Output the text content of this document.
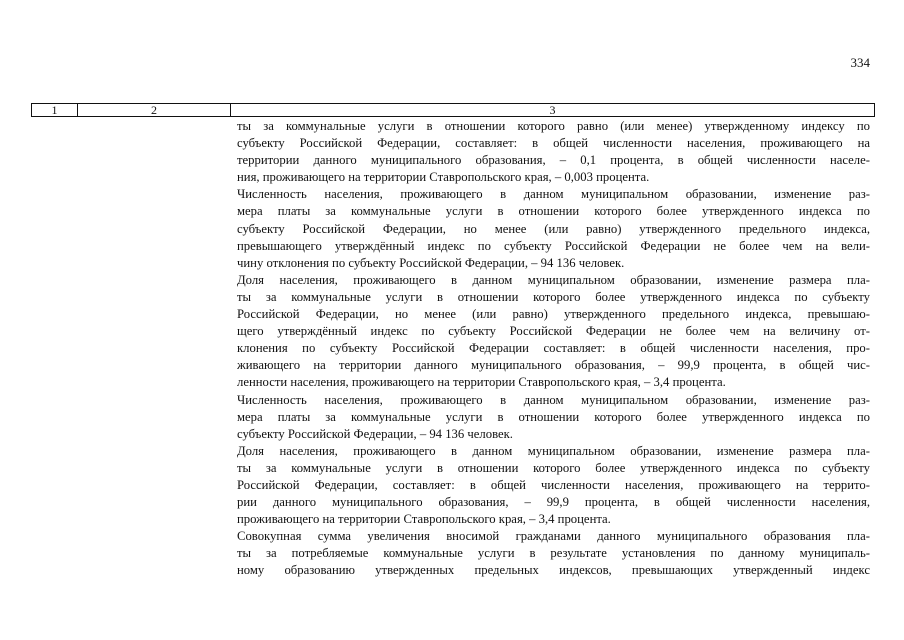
334
1	2	3

ты за коммунальные услуги в отношении которого равно (или менее) утвержденному индексу по
субъекту Российской Федерации, составляет: в общей численности населения, проживающего на
территории данного муниципального образования, – 0,1 процента, в общей численности населе-
ния, проживающего на территории Ставропольского края, – 0,003 процента.

Численность населения, проживающего в данном муниципальном образовании, изменение раз-
мера платы за коммунальные услуги в отношении которого более утвержденного индекса по
субъекту Российской Федерации, но менее (или равно) утвержденного предельного индекса,
превышающего утверждённый индекс по субъекту Российской Федерации не более чем на вели-
чину отклонения по субъекту Российской Федерации, – 94 136 человек.

Доля населения, проживающего в данном муниципальном образовании, изменение размера пла-
ты за коммунальные услуги в отношении которого более утвержденного индекса по субъекту
Российской Федерации, но менее (или равно) утвержденного предельного индекса, превышаю-
щего утверждённый индекс по субъекту Российской Федерации не более чем на величину от-
клонения по субъекту Российской Федерации составляет: в общей численности населения, про-
живающего на территории данного муниципального образования, – 99,9 процента, в общей чис-
ленности населения, проживающего на территории Ставропольского края, – 3,4 процента.

Численность населения, проживающего в данном муниципальном образовании, изменение раз-
мера платы за коммунальные услуги в отношении которого более утвержденного индекса по
субъекту Российской Федерации, – 94 136 человек.

Доля населения, проживающего в данном муниципальном образовании, изменение размера пла-
ты за коммунальные услуги в отношении которого более утвержденного индекса по субъекту
Российской Федерации, составляет: в общей численности населения, проживающего на террито-
рии данного муниципального образования, – 99,9 процента, в общей численности населения,
проживающего на территории Ставропольского края, – 3,4 процента.

Совокупная сумма увеличения вносимой гражданами данного муниципального образования пла-
ты за потребляемые коммунальные услуги в результате установления по данному муниципаль-
ному образованию утвержденных предельных индексов, превышающих утвержденный индекс
